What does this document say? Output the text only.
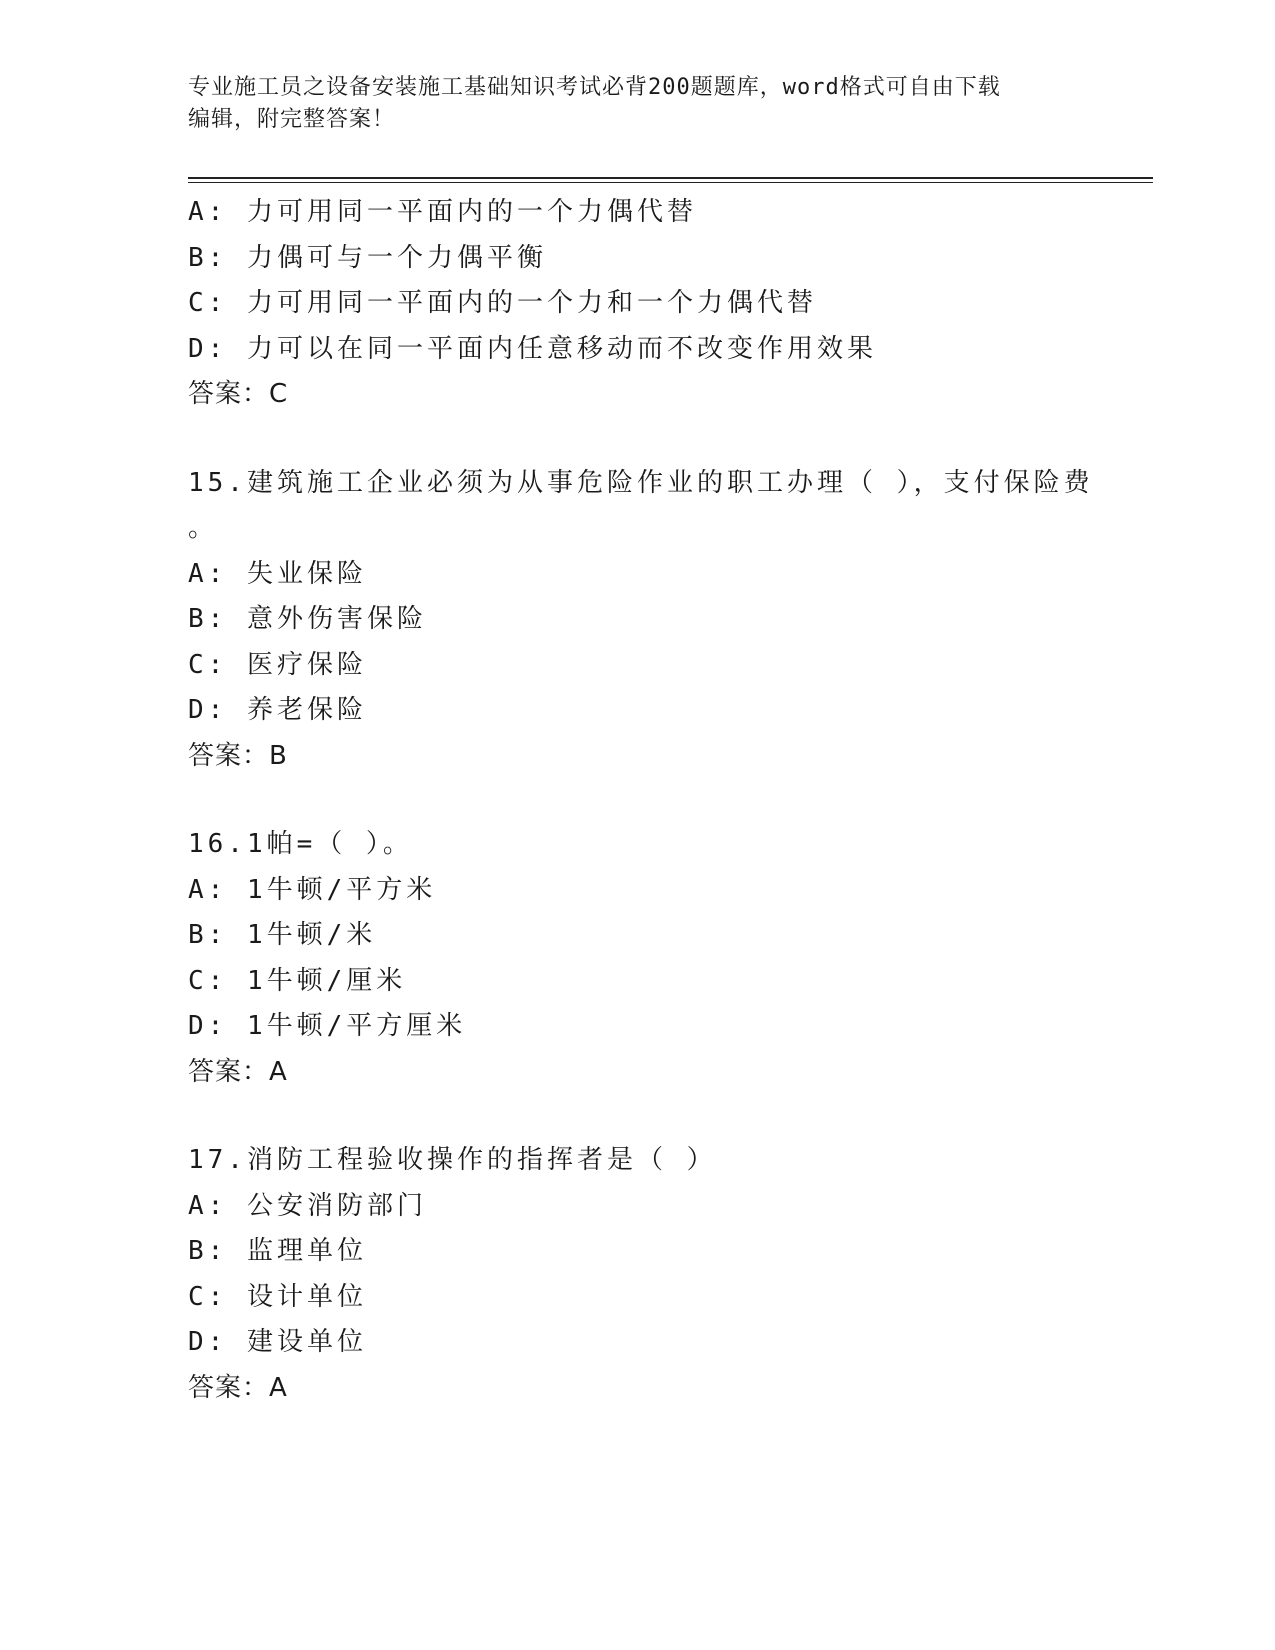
专业施工员之设备安装施工基础知识考试必背200题题库，word格式可自由下载
编辑，附完整答案！
A: 力可用同一平面内的一个力偶代替
B: 力偶可与一个力偶平衡
C: 力可用同一平面内的一个力和一个力偶代替
D: 力可以在同一平面内任意移动而不改变作用效果
答案：C
15.建筑施工企业必须为从事危险作业的职工办理（ ），支付保险费
。
A: 失业保险
B: 意外伤害保险
C: 医疗保险
D: 养老保险
答案：B
16.1帕=（ ）。
A: 1牛顿/平方米
B: 1牛顿/米
C: 1牛顿/厘米
D: 1牛顿/平方厘米
答案：A
17.消防工程验收操作的指挥者是（ ）
A: 公安消防部门
B: 监理单位
C: 设计单位
D: 建设单位
答案：A
